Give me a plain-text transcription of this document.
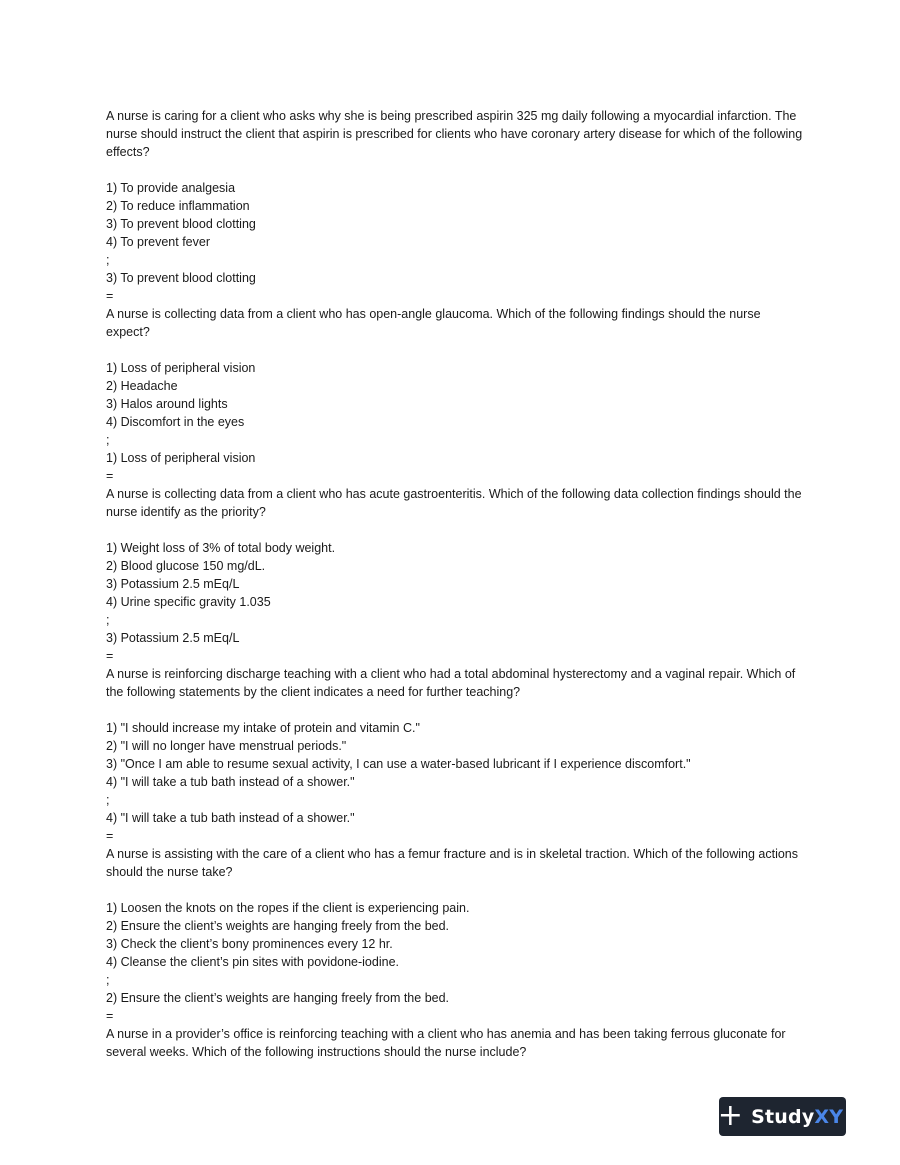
A nurse is caring for a client who asks why she is being prescribed aspirin 325 mg daily following a myocardial infarction. The nurse should instruct the client that aspirin is prescribed for clients who have coronary artery disease for which of the following effects?

1) To provide analgesia
2) To reduce inflammation
3) To prevent blood clotting
4) To prevent fever

;

3) To prevent blood clotting

=

A nurse is collecting data from a client who has open-angle glaucoma. Which of the following findings should the nurse expect?

1) Loss of peripheral vision
2) Headache
3) Halos around lights
4) Discomfort in the eyes

;

1) Loss of peripheral vision

=

A nurse is collecting data from a client who has acute gastroenteritis. Which of the following data collection findings should the nurse identify as the priority?

1) Weight loss of 3% of total body weight.
2) Blood glucose 150 mg/dL.
3) Potassium 2.5 mEq/L
4) Urine specific gravity 1.035

;

3) Potassium 2.5 mEq/L

=

A nurse is reinforcing discharge teaching with a client who had a total abdominal hysterectomy and a vaginal repair. Which of the following statements by the client indicates a need for further teaching?

1) "I should increase my intake of protein and vitamin C."
2) "I will no longer have menstrual periods."
3) "Once I am able to resume sexual activity, I can use a water-based lubricant if I experience discomfort."
4) "I will take a tub bath instead of a shower."

;

4) "I will take a tub bath instead of a shower."

=

A nurse is assisting with the care of a client who has a femur fracture and is in skeletal traction. Which of the following actions should the nurse take?

1) Loosen the knots on the ropes if the client is experiencing pain.
2) Ensure the client’s weights are hanging freely from the bed.
3) Check the client’s bony prominences every 12 hr.
4) Cleanse the client’s pin sites with povidone-iodine.

;

2) Ensure the client’s weights are hanging freely from the bed.

=

A nurse in a provider’s office is reinforcing teaching with a client who has anemia and has been taking ferrous gluconate for several weeks. Which of the following instructions should the nurse include?

+ Study XY
